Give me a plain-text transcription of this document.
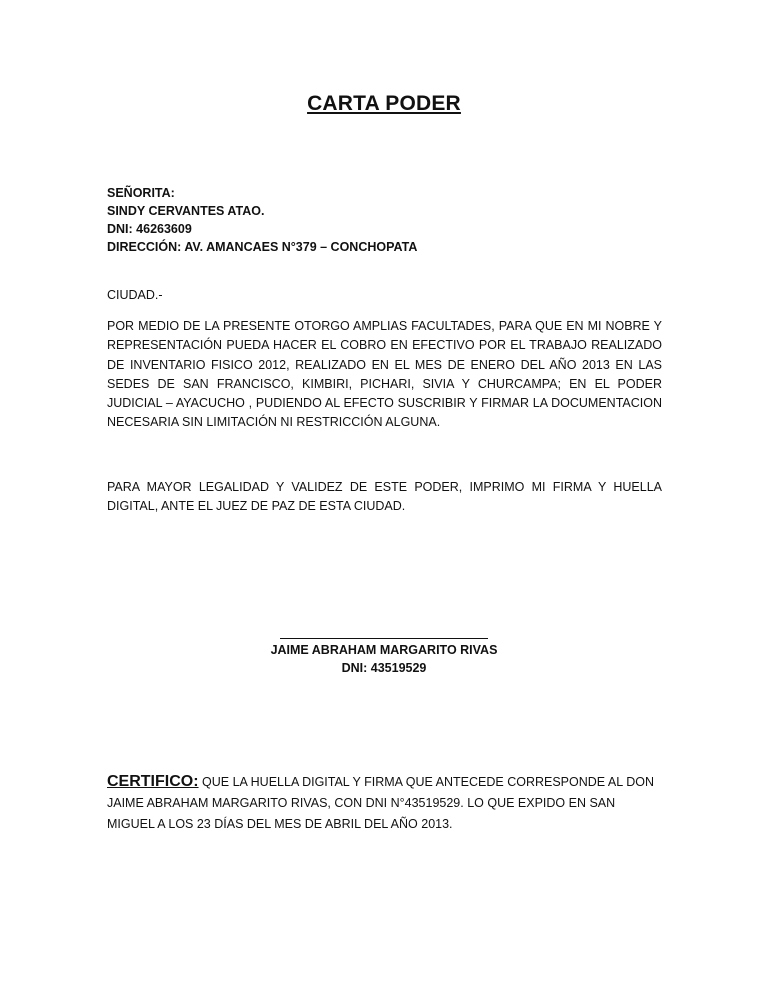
CARTA PODER
SEÑORITA:
SINDY CERVANTES ATAO.
DNI: 46263609
DIRECCIÓN: AV. AMANCAES N°379 – CONCHOPATA
CIUDAD.-
POR MEDIO DE LA PRESENTE OTORGO AMPLIAS FACULTADES, PARA QUE EN MI NOBRE Y REPRESENTACIÓN PUEDA HACER EL COBRO EN EFECTIVO POR EL TRABAJO REALIZADO DE INVENTARIO FISICO 2012, REALIZADO EN EL MES DE ENERO DEL AÑO 2013 EN LAS SEDES DE SAN FRANCISCO, KIMBIRI, PICHARI, SIVIA Y CHURCAMPA; EN EL PODER JUDICIAL – AYACUCHO , PUDIENDO AL EFECTO SUSCRIBIR Y FIRMAR LA DOCUMENTACION NECESARIA SIN LIMITACIÓN NI RESTRICCIÓN ALGUNA.
PARA MAYOR LEGALIDAD Y VALIDEZ DE ESTE PODER, IMPRIMO MI FIRMA Y HUELLA DIGITAL, ANTE EL JUEZ DE PAZ DE ESTA CIUDAD.
JAIME ABRAHAM MARGARITO RIVAS
DNI: 43519529
CERTIFICO: QUE LA HUELLA DIGITAL Y FIRMA QUE ANTECEDE CORRESPONDE AL DON JAIME ABRAHAM MARGARITO RIVAS, CON DNI N°43519529. LO QUE EXPIDO EN SAN MIGUEL A LOS 23 DÍAS DEL MES DE ABRIL DEL AÑO 2013.
